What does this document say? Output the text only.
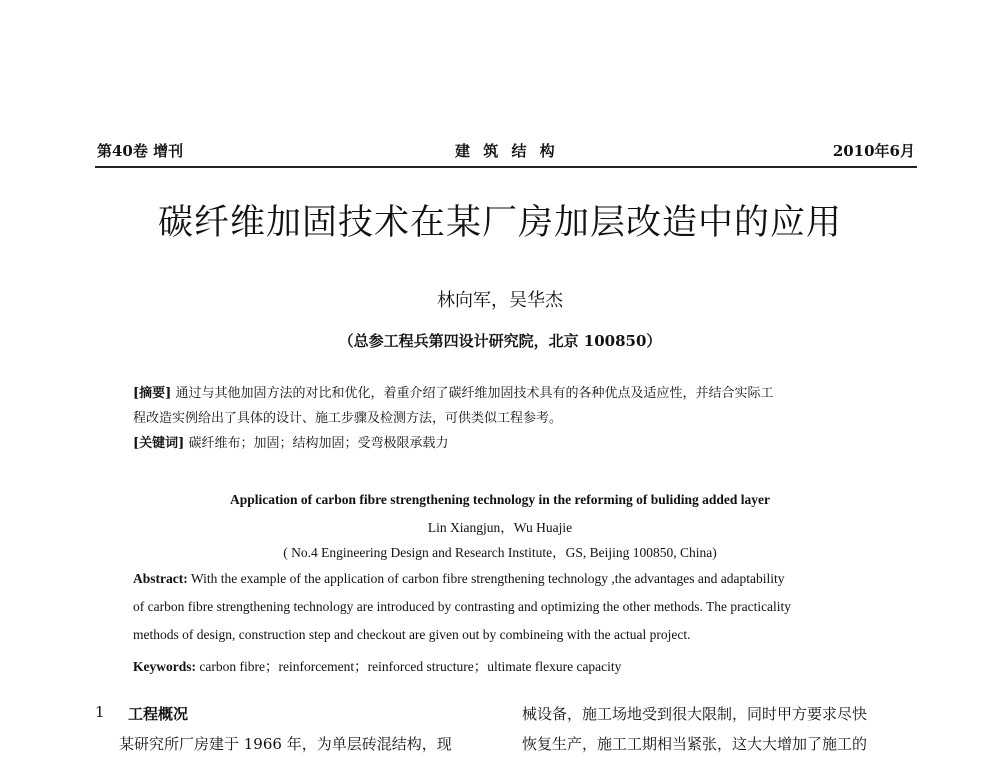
第40卷 增刊	建 筑 结 构	2010年6月
碳纤维加固技术在某厂房加层改造中的应用
林向军，吴华杰
（总参工程兵第四设计研究院，北京 100850）
[摘要] 通过与其他加固方法的对比和优化，着重介绍了碳纤维加固技术具有的各种优点及适应性，并结合实际工
程改造实例给出了具体的设计、施工步骤及检测方法，可供类似工程参考。
[关键词] 碳纤维布；加固；结构加固；受弯极限承载力
Application of carbon fibre strengthening technology in the reforming of buliding added layer
Lin Xiangjun，Wu Huajie
( No.4 Engineering Design and Research Institute，GS, Beijing 100850, China)
Abstract: With the example of the application of carbon fibre strengthening technology ,the advantages and adaptability
of carbon fibre strengthening technology are introduced by contrasting and optimizing the other methods. The practicality
methods of design, construction step and checkout are given out by combineing with the actual project.
Keywords: carbon fibre；reinforcement；reinforced structure；ultimate flexure capacity
1 工程概况
某研究所厂房建于 1966 年，为单层砖混结构，现
械设备，施工场地受到很大限制，同时甲方要求尽快
恢复生产，施工工期相当紧张，这大大增加了施工的
